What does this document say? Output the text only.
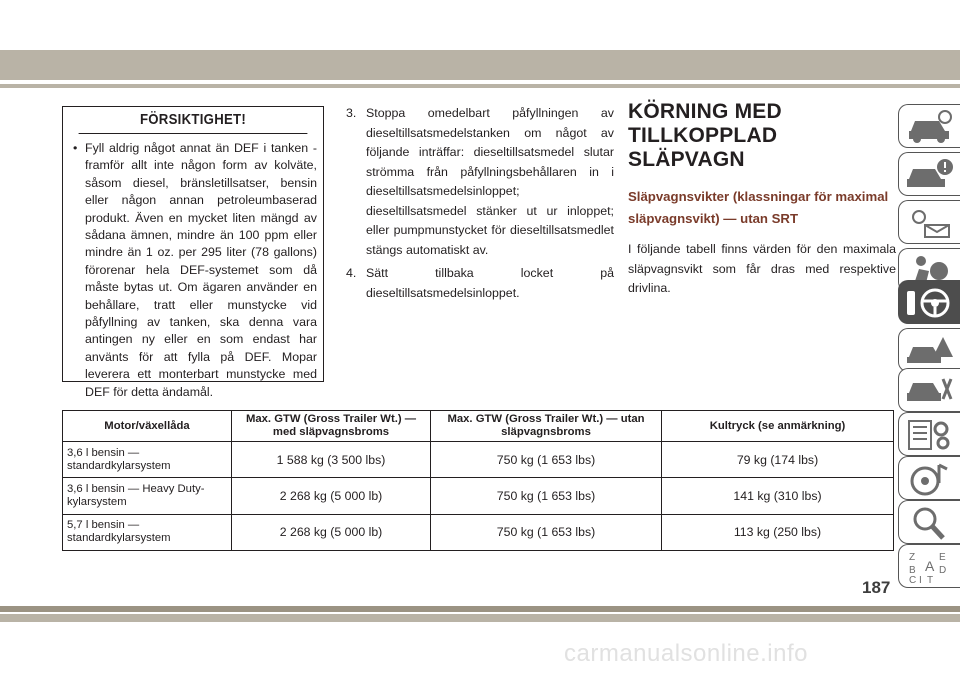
FÖRSIKTIGHET!
• Fyll aldrig något annat än DEF i tanken - framför allt inte någon form av kolväte, såsom diesel, bränsletillsatser, bensin eller någon annan petroleumbaserad produkt. Även en mycket liten mängd av sådana ämnen, mindre än 100 ppm eller mindre än 1 oz. per 295 liter (78 gallons) förorenar hela DEF-systemet som då måste bytas ut. Om ägaren använder en behållare, tratt eller munstycke vid påfyllning av tanken, ska denna vara antingen ny eller en som endast har använts för att fylla på DEF. Mopar leverera ett monterbart munstycke med DEF för detta ändamål.
3. Stoppa omedelbart påfyllningen av dieseltillsatsmedelstanken om något av följande inträffar: dieseltillsatsmedel slutar strömma från påfyllningsbehållaren in i dieseltillsatsmedelsinloppet; dieseltillsatsmedel stänker ut ur inloppet; eller pumpmunstycket för dieseltillsatsmedlet stängs automatiskt av.
4. Sätt tillbaka locket på dieseltillsatsmedelsinloppet.
KÖRNING MED
TILLKOPPLAD SLÄPVAGN
Släpvagnsvikter (klassningar för maximal släpvagnsvikt) — utan SRT
I följande tabell finns värden för den maximala släpvagnsvikt som får dras med respektive drivlina.
Motor/växellåda	Max. GTW (Gross Trailer Wt.) — med släpvagnsbroms	Max. GTW (Gross Trailer Wt.) — utan släpvagnsbroms	Kultryck (se anmärkning)
3,6 l bensin — standardkylarsystem	1 588 kg (3 500 lbs)	750 kg (1 653 lbs)	79 kg (174 lbs)
3,6 l bensin — Heavy Duty-kylarsystem	2 268 kg (5 000 lb)	750 kg (1 653 lbs)	141 kg (310 lbs)
5,7 l bensin — standardkylarsystem	2 268 kg (5 000 lb)	750 kg (1 653 lbs)	113 kg (250 lbs)
Z E
A
B
C
D
T
I
187
carmanualsonline.info
